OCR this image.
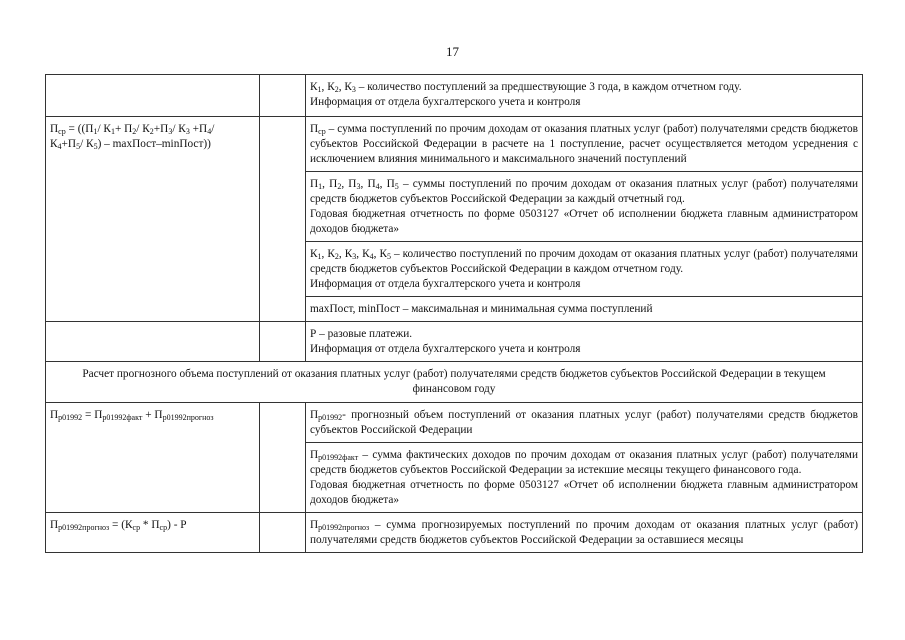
17
		$К_1$, $К_2$, $К_3$ – количество поступлений за предшествующие 3 года, в каждом отчетном году.
Информация от отдела бухгалтерского учета и контроля
$П_{ср} = ((П_1/$ $К_1+ П_2/$ $К_2+П_3/$ $К_3 +П_4/$
$К_4+П_5/$ $К_5$) – maxПост–minПост))		$П_{ср}$ – сумма поступлений по прочим доходам от оказания платных услуг (работ) получателями средств бюджетов субъектов Российской Федерации в расчете на 1 поступление, расчет осуществляется методом усреднения с исключением влияния минимального и максимального значений поступлений
		$П_1$, $П_2$, $П_3$, $П_4$, $П_5$ – суммы поступлений по прочим доходам от оказания платных услуг (работ) получателями средств бюджетов субъектов Российской Федерации за каждый отчетный год.
Годовая бюджетная отчетность по форме 0503127 «Отчет об исполнении бюджета главным администратором доходов бюджета»
		$К_1$, $К_2$, $К_3$, $К_4$, $К_5$ – количество поступлений по прочим доходам от оказания платных услуг (работ) получателями средств бюджетов субъектов Российской Федерации в каждом отчетном году.
Информация от отдела бухгалтерского учета и контроля
		maxПост, minПост – максимальная и минимальная сумма поступлений
		Р – разовые платежи.
Информация от отдела бухгалтерского учета и контроля
Расчет прогнозного объема поступлений от оказания платных услуг (работ) получателями средств бюджетов субъектов Российской Федерации в текущем финансовом году		
$П_{р01992} = П_{р01992факт} + П_{р01992прогноз}$		$П_{р01992}-$ прогнозный объем поступлений от оказания платных услуг (работ) получателями средств бюджетов субъектов Российской Федерации
		$П_{р01992факт}$ – сумма фактических доходов по прочим доходам от оказания платных услуг (работ) получателями средств бюджетов субъектов Российской Федерации за истекшие месяцы текущего финансового года.
Годовая бюджетная отчетность по форме 0503127 «Отчет об исполнении бюджета главным администратором доходов бюджета»
$П_{р01992прогноз} = (К_{ср} * П_{ср}) - Р$		$П_{р01992прогноз}$ – сумма прогнозируемых поступлений по прочим доходам от оказания платных услуг (работ) получателями средств бюджетов субъектов Российской Федерации за оставшиеся месяцы
